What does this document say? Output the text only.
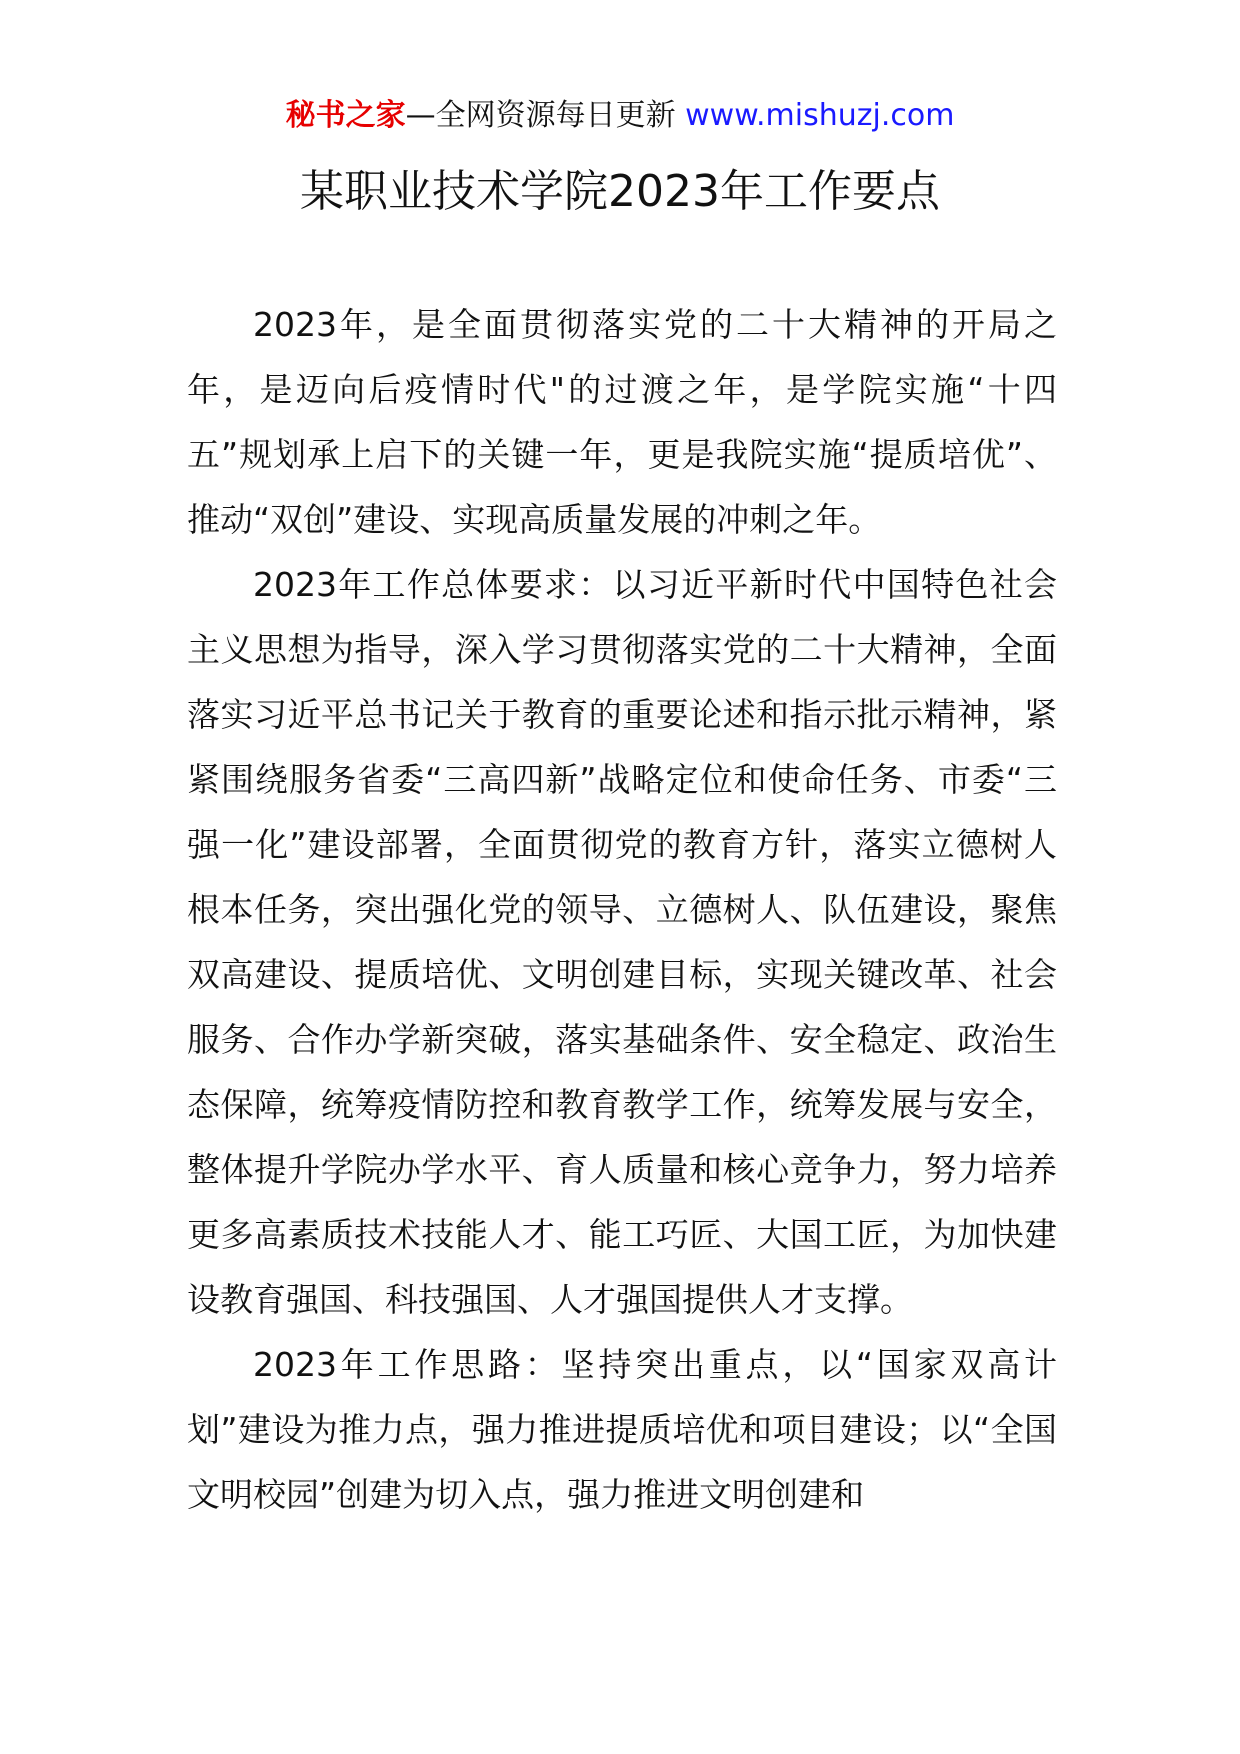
秘书之家—全网资源每日更新 www.mishuzj.com
某职业技术学院2023年工作要点

2023年，是全面贯彻落实党的二十大精神的开局之年，是迈向后疫情时代"的过渡之年，是学院实施“十四五”规划承上启下的关键一年，更是我院实施“提质培优”、推动“双创”建设、实现高质量发展的冲刺之年。

2023年工作总体要求：以习近平新时代中国特色社会主义思想为指导，深入学习贯彻落实党的二十大精神，全面落实习近平总书记关于教育的重要论述和指示批示精神，紧紧围绕服务省委“三高四新”战略定位和使命任务、市委“三强一化”建设部署，全面贯彻党的教育方针，落实立德树人根本任务，突出强化党的领导、立德树人、队伍建设，聚焦双高建设、提质培优、文明创建目标，实现关键改革、社会服务、合作办学新突破，落实基础条件、安全稳定、政治生态保障，统筹疫情防控和教育教学工作，统筹发展与安全，整体提升学院办学水平、育人质量和核心竞争力，努力培养更多高素质技术技能人才、能工巧匠、大国工匠，为加快建设教育强国、科技强国、人才强国提供人才支撑。

2023年工作思路：坚持突出重点，以“国家双高计划”建设为推力点，强力推进提质培优和项目建设；以“全国文明校园”创建为切入点，强力推进文明创建和
